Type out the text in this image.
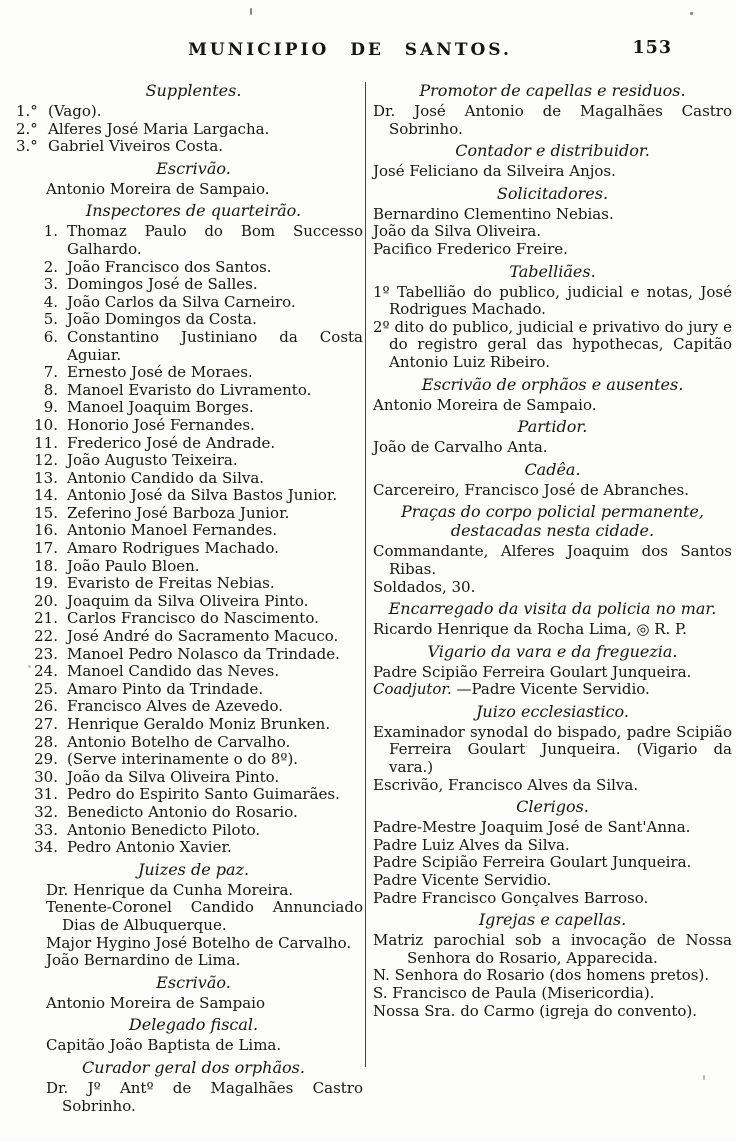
MUNICIPIO DE SANTOS.	153
Supplentes.
1.° (Vago).
2.° Alferes José Maria Largacha.
3.° Gabriel Viveiros Costa.
Escrivão.
Antonio Moreira de Sampaio.
Inspectores de quarteirão.
1. Thomaz Paulo do Bom Successo Galhardo.
2. João Francisco dos Santos.
3. Domingos José de Salles.
4. João Carlos da Silva Carneiro.
5. João Domingos da Costa.
6. Constantino Justiniano da Costa Aguiar.
7. Ernesto José de Moraes.
8. Manoel Evaristo do Livramento.
9. Manoel Joaquim Borges.
10. Honorio José Fernandes.
11. Frederico José de Andrade.
12. João Augusto Teixeira.
13. Antonio Candido da Silva.
14. Antonio José da Silva Bastos Junior.
15. Zeferino José Barboza Junior.
16. Antonio Manoel Fernandes.
17. Amaro Rodrigues Machado.
18. João Paulo Bloen.
19. Evaristo de Freitas Nebias.
20. Joaquim da Silva Oliveira Pinto.
21. Carlos Francisco do Nascimento.
22. José André do Sacramento Macuco.
23. Manoel Pedro Nolasco da Trindade.
24. Manoel Candido das Neves.
25. Amaro Pinto da Trindade.
26. Francisco Alves de Azevedo.
27. Henrique Geraldo Moniz Brunken.
28. Antonio Botelho de Carvalho.
29. (Serve interinamente o do 8º).
30. João da Silva Oliveira Pinto.
31. Pedro do Espirito Santo Guimarães.
32. Benedicto Antonio do Rosario.
33. Antonio Benedicto Piloto.
34. Pedro Antonio Xavier.
Juizes de paz.
Dr. Henrique da Cunha Moreira.
Tenente-Coronel Candido Annunciado Dias de Albuquerque.
Major Hygino José Botelho de Carvalho.
João Bernardino de Lima.
Escrivão.
Antonio Moreira de Sampaio
Delegado fiscal.
Capitão João Baptista de Lima.
Curador geral dos orphãos.
Dr. Jº Antº de Magalhães Castro Sobrinho.
Promotor de capellas e residuos.
Dr. José Antonio de Magalhães Castro Sobrinho.
Contador e distribuidor.
José Feliciano da Silveira Anjos.
Solicitadores.
Bernardino Clementino Nebias.
João da Silva Oliveira.
Pacifico Frederico Freire.
Tabelliães.
1º Tabellião do publico, judicial e notas, José Rodrigues Machado.
2º dito do publico, judicial e privativo do jury e do registro geral das hypothecas, Capitão Antonio Luiz Ribeiro.
Escrivão de orphãos e ausentes.
Antonio Moreira de Sampaio.
Partidor.
João de Carvalho Anta.
Cadêa.
Carcereiro, Francisco José de Abranches.
Praças do corpo policial permanente, destacadas nesta cidade.
Commandante, Alferes Joaquim dos Santos Ribas.
Soldados, 30.
Encarregado da visita da policia no mar.
Ricardo Henrique da Rocha Lima, ◎ R. P.
Vigario da vara e da freguezia.
Padre Scipião Ferreira Goulart Junqueira.
Coadjutor. —Padre Vicente Servidio.
Juizo ecclesiastico.
Examinador synodal do bispado, padre Scipião Ferreira Goulart Junqueira. (Vigario da vara.)
Escrivão, Francisco Alves da Silva.
Clerigos.
Padre-Mestre Joaquim José de Sant'Anna.
Padre Luiz Alves da Silva.
Padre Scipião Ferreira Goulart Junqueira.
Padre Vicente Servidio.
Padre Francisco Gonçalves Barroso.
Igrejas e capellas.
Matriz parochial sob a invocação de Nossa Senhora do Rosario, Apparecida.
N. Senhora do Rosario (dos homens pretos).
S. Francisco de Paula (Misericordia).
Nossa Sra. do Carmo (igreja do convento).
